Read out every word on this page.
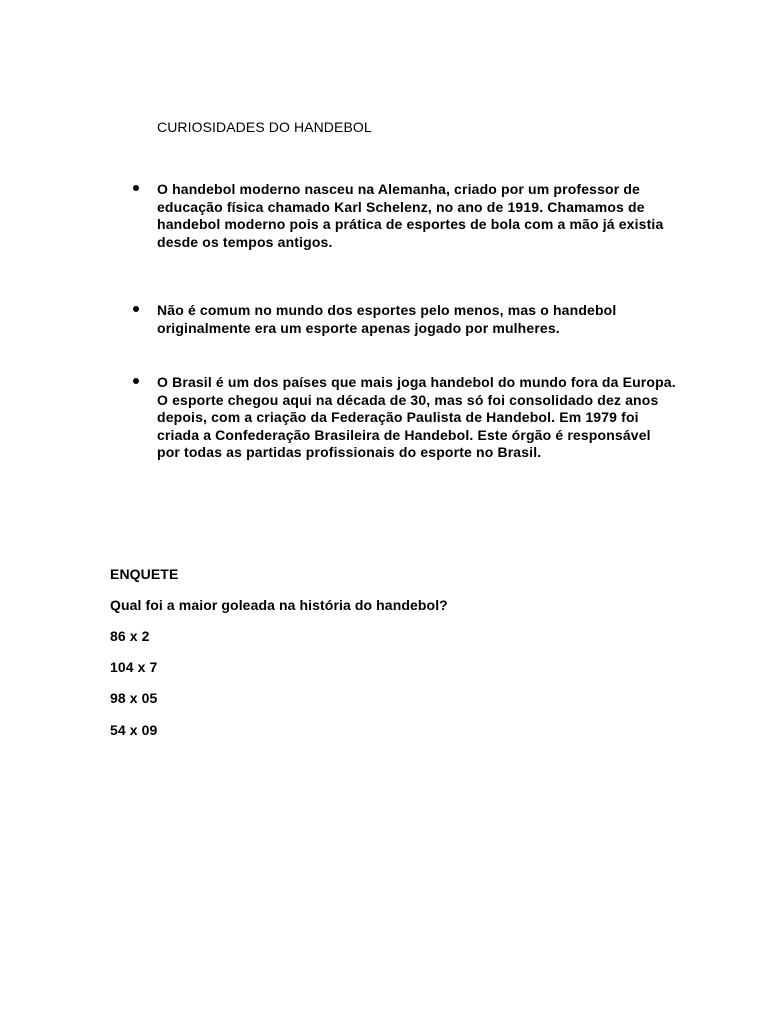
CURIOSIDADES DO HANDEBOL
O handebol moderno nasceu na Alemanha, criado por um professor de educação física chamado Karl Schelenz, no ano de 1919. Chamamos de handebol moderno pois a prática de esportes de bola com a mão já existia desde os tempos antigos.
Não é comum no mundo dos esportes pelo menos, mas o handebol originalmente era um esporte apenas jogado por mulheres.
O Brasil é um dos países que mais joga handebol do mundo fora da Europa. O esporte chegou aqui na década de 30, mas só foi consolidado dez anos depois, com a criação da Federação Paulista de Handebol. Em 1979 foi criada a Confederação Brasileira de Handebol. Este órgão é responsável por todas as partidas profissionais do esporte no Brasil.
ENQUETE
Qual foi a maior goleada na história do handebol?
86 x 2
104 x 7
98 x 05
54 x 09
